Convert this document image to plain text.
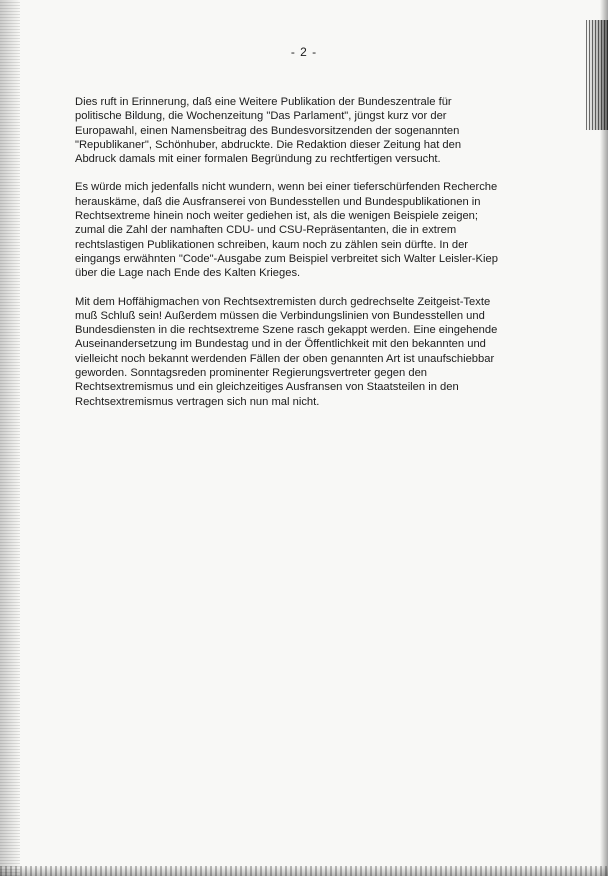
- 2 -

Dies ruft in Erinnerung, daß eine Weitere Publikation der Bundeszentrale für
politische Bildung, die Wochenzeitung "Das Parlament", jüngst kurz vor der
Europawahl, einen Namensbeitrag des Bundesvorsitzenden der sogenannten
"Republikaner", Schönhuber, abdruckte. Die Redaktion dieser Zeitung hat den
Abdruck damals mit einer formalen Begründung zu rechtfertigen versucht.

Es würde mich jedenfalls nicht wundern, wenn bei einer tieferschürfenden Recherche
herauskäme, daß die Ausfranserei von Bundesstellen und Bundespublikationen in
Rechtsextreme hinein noch weiter gediehen ist, als die wenigen Beispiele zeigen;
zumal die Zahl der namhaften CDU- und CSU-Repräsentanten, die in extrem
rechtslastigen Publikationen schreiben, kaum noch zu zählen sein dürfte. In der
eingangs erwähnten "Code"-Ausgabe zum Beispiel verbreitet sich Walter Leisler-Kiep
über die Lage nach Ende des Kalten Krieges.

Mit dem Hoffähigmachen von Rechtsextremisten durch gedrechselte Zeitgeist-Texte
muß Schluß sein! Außerdem müssen die Verbindungslinien von Bundesstellen und
Bundesdiensten in die rechtsextreme Szene rasch gekappt werden. Eine eingehende
Auseinandersetzung im Bundestag und in der Öffentlichkeit mit den bekannten und
vielleicht noch bekannt werdenden Fällen der oben genannten Art ist unaufschiebbar
geworden. Sonntagsreden prominenter Regierungsvertreter gegen den
Rechtsextremismus und ein gleichzeitiges Ausfransen von Staatsteilen in den
Rechtsextremismus vertragen sich nun mal nicht.
